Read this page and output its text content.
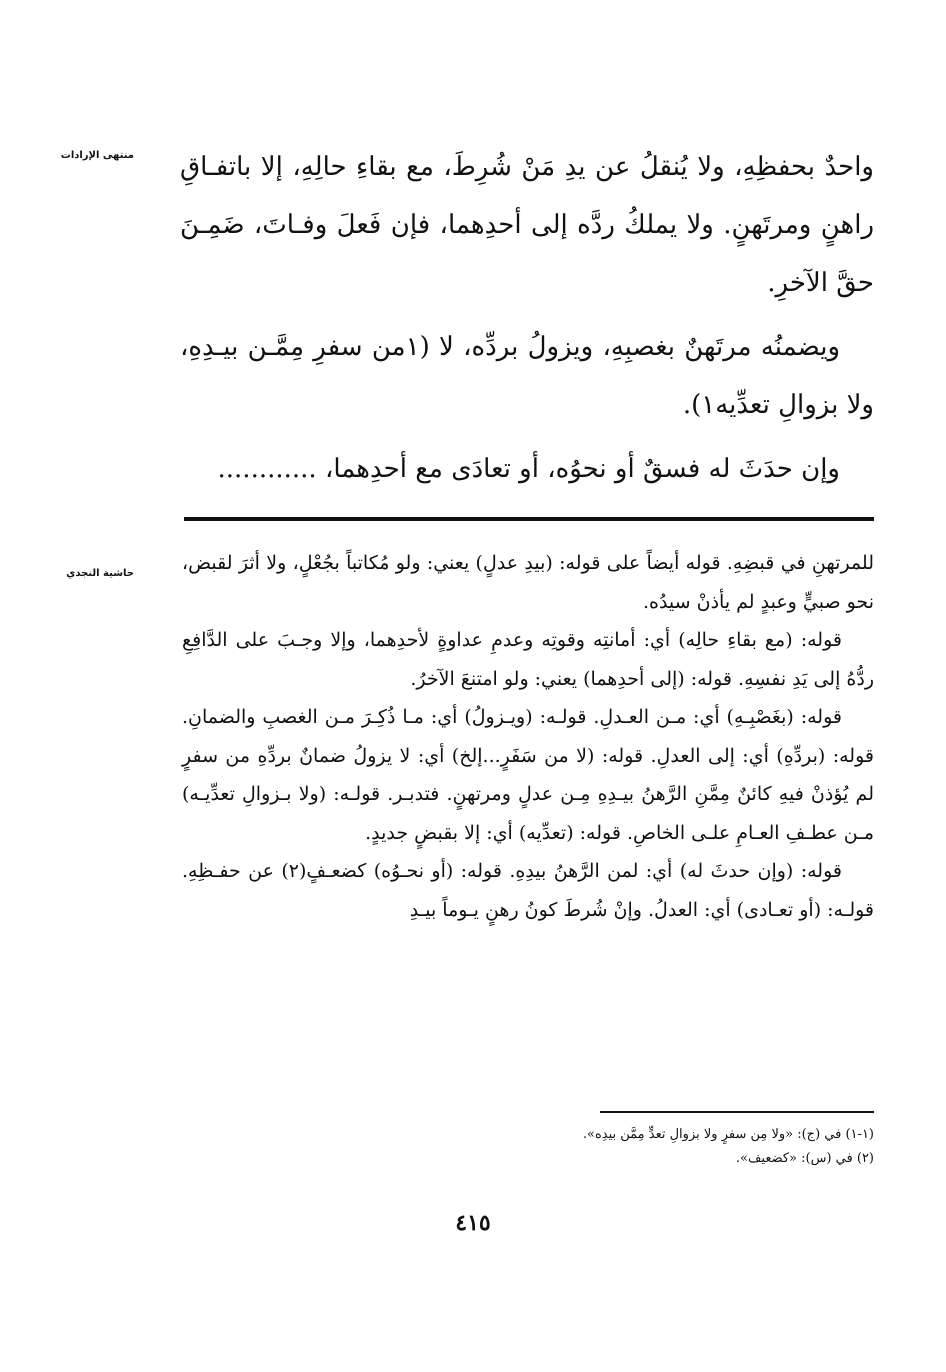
منتهى الإرادات واحدٌ بحفظِهِ، ولا يُنقلُ عن يدِ مَنْ شُرِطَ، مع بقاءِ حالِهِ، إلا باتفـاقِ راهنٍ ومرتَهنٍ. ولا يملكُ ردَّه إلى أحدِهما، فإن فَعلَ وفـاتَ، ضَمِـنَ حقَّ الآخرِ.

ويضمنُه مرتَهنٌ بغصبِهِ، ويزولُ بردِّه، لا (١من سفرِ مِمَّـن بيـدِهِ، ولا بزوالِ تعدِّيه١).

وإن حدَثَ له فسقٌ أو نحوُه، أو تعادَى مع أحدِهما، ............

حاشية النجدي	للمرتهنِ في قبضِهِ. قوله أيضاً على قوله: (بيدِ عدلٍ) يعني: ولو مُكاتباً بجُعْلٍ، ولا أثرَ لقبض، نحو صبيٍّ وعبدٍ لم يأذنْ سيدُه.

قوله: (مع بقاءِ حالِه) أي: أمانتِه وقوتِه وعدمِ عداوةٍ لأحدِهما، وإلا وجـبَ على الدَّافِعِ ردُّهُ إلى يَدِ نفسِهِ. قوله: (إلى أحدِهما) يعني: ولو امتنعَ الآخرُ.

قوله: (بغَصْبِـهِ) أي: مـن العـدلِ. قولـه: (ويـزولُ) أي: مـا ذُكِـرَ مـن الغصبِ والضمانِ. قوله: (بردِّهِ) أي: إلى العدلِ. قوله: (لا من سَفَرٍ...إلخ) أي: لا يزولُ ضمانٌ بردِّهِ من سفرٍ لم يُؤذنْ فيهِ كائنٌ مِمَّنِ الرَّهنُ بيـدِهِ مِـن عدلٍ ومرتهنٍ. فتدبـر. قولـه: (ولا بـزوالِ تعدِّيـه) مـن عطـفِ العـامِ علـى الخاصِ. قوله: (تعدِّيه) أي: إلا بقبضٍ جديدٍ.

قوله: (وإن حدثَ له) أي: لمن الرَّهنُ بيدِهِ. قوله: (أو نحـوُه) كضعـفٍ(٢) عن حفـظِهِ. قولـه: (أو تعـادى) أي: العدلُ. وإنْ شُرطَ كونُ رهنٍ يـوماً بيـدِ

(١-١) في (ج): «ولا مِن سفرٍ ولا بزوالِ تعدٍّ مِمَّن بيدِه».

(٢) في (س): «كضعيف».

٤١٥
